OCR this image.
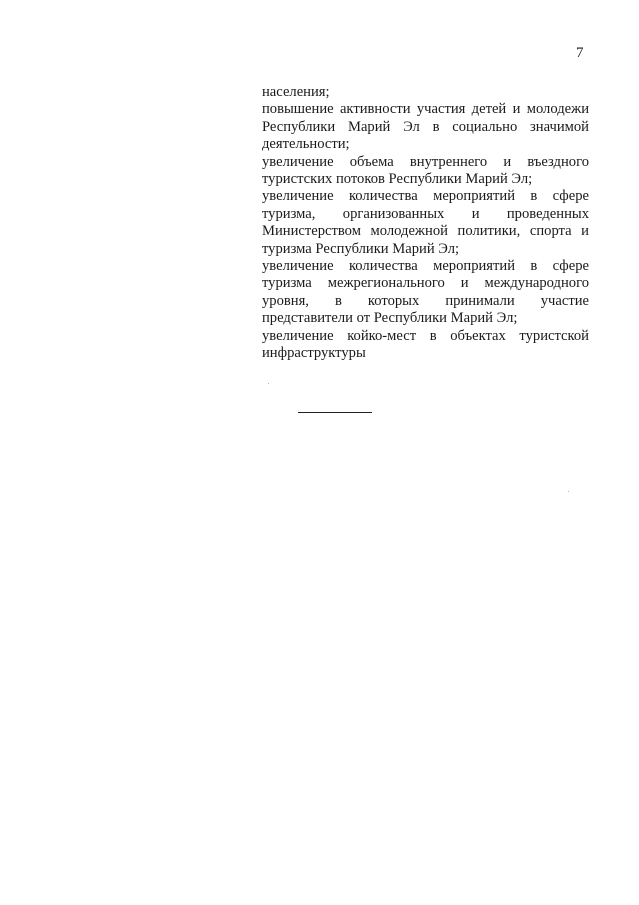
7

населения;

повышение активности участия детей и молодежи Республики Марий Эл в социально значимой деятельности;

увеличение объема внутреннего и въездного туристских потоков Республики Марий Эл;

увеличение количества мероприятий в сфере туризма, организованных и проведенных Министерством молодежной политики, спорта и туризма Республики Марий Эл;

увеличение количества мероприятий в сфере туризма межрегионального и международного уровня, в которых принимали участие представители от Республики Марий Эл;

увеличение койко-мест в объектах туристской инфраструктуры
